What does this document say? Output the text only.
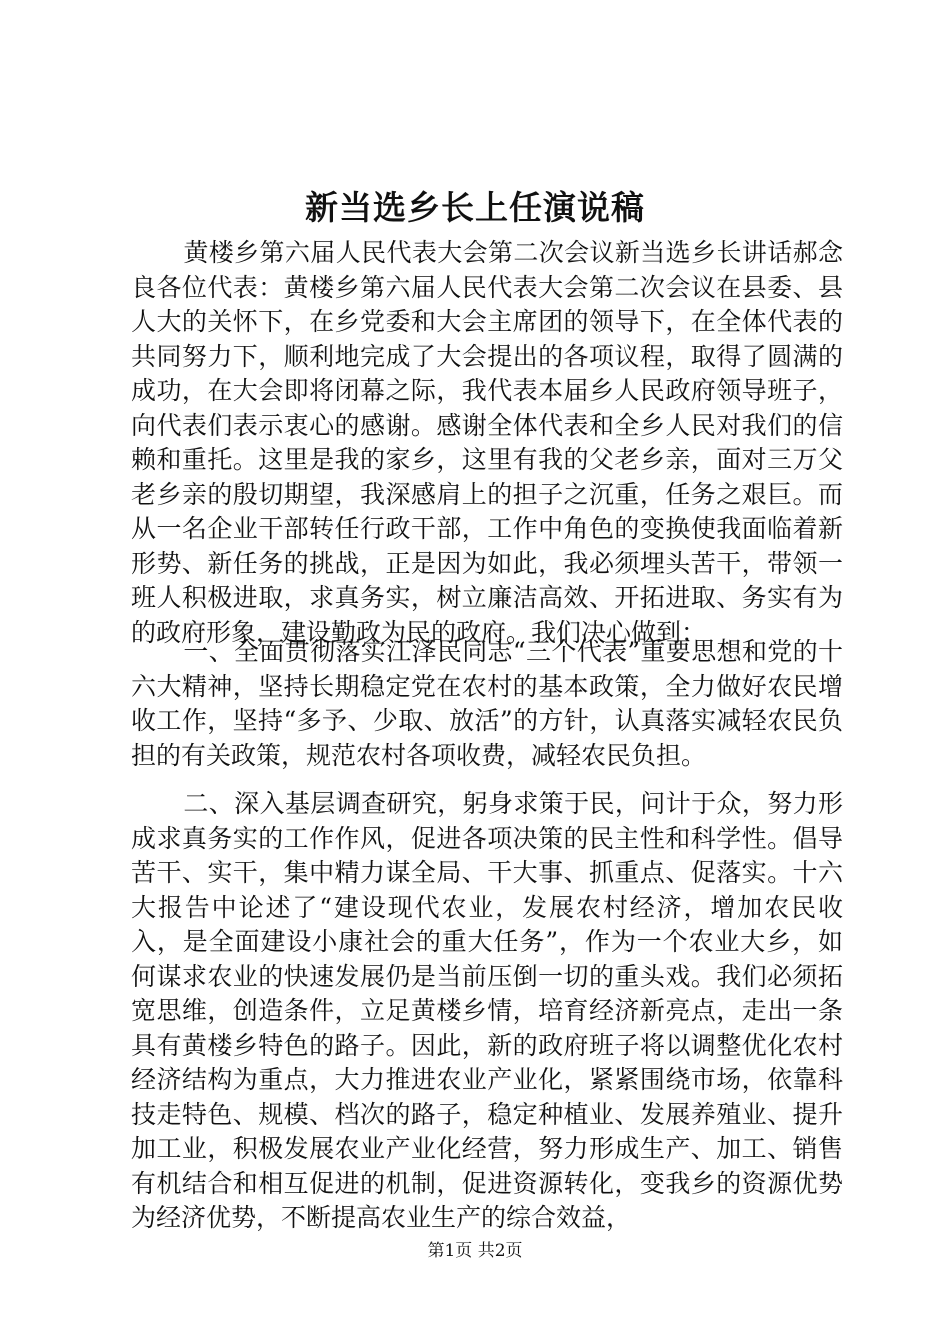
新当选乡长上任演说稿

黄楼乡第六届人民代表大会第二次会议新当选乡长讲话郝念良各位代表：黄楼乡第六届人民代表大会第二次会议在县委、县人大的关怀下，在乡党委和大会主席团的领导下，在全体代表的共同努力下，顺利地完成了大会提出的各项议程，取得了圆满的成功，在大会即将闭幕之际，我代表本届乡人民政府领导班子，向代表们表示衷心的感谢。感谢全体代表和全乡人民对我们的信赖和重托。这里是我的家乡，这里有我的父老乡亲，面对三万父老乡亲的殷切期望，我深感肩上的担子之沉重，任务之艰巨。而从一名企业干部转任行政干部，工作中角色的变换使我面临着新形势、新任务的挑战，正是因为如此，我必须埋头苦干，带领一班人积极进取，求真务实，树立廉洁高效、开拓进取、务实有为的政府形象，建设勤政为民的政府。我们决心做到：

一、全面贯彻落实江泽民同志“三个代表”重要思想和党的十六大精神，坚持长期稳定党在农村的基本政策，全力做好农民增收工作，坚持“多予、少取、放活”的方针，认真落实减轻农民负担的有关政策，规范农村各项收费，减轻农民负担。

二、深入基层调查研究，躬身求策于民，问计于众，努力形成求真务实的工作作风，促进各项决策的民主性和科学性。倡导苦干、实干，集中精力谋全局、干大事、抓重点、促落实。十六大报告中论述了“建设现代农业，发展农村经济，增加农民收入，是全面建设小康社会的重大任务”，作为一个农业大乡，如何谋求农业的快速发展仍是当前压倒一切的重头戏。我们必须拓宽思维，创造条件，立足黄楼乡情，培育经济新亮点，走出一条具有黄楼乡特色的路子。因此，新的政府班子将以调整优化农村经济结构为重点，大力推进农业产业化，紧紧围绕市场，依靠科技走特色、规模、档次的路子，稳定种植业、发展养殖业、提升加工业，积极发展农业产业化经营，努力形成生产、加工、销售有机结合和相互促进的机制，促进资源转化，变我乡的资源优势为经济优势，不断提高农业生产的综合效益，

第1页 共2页
